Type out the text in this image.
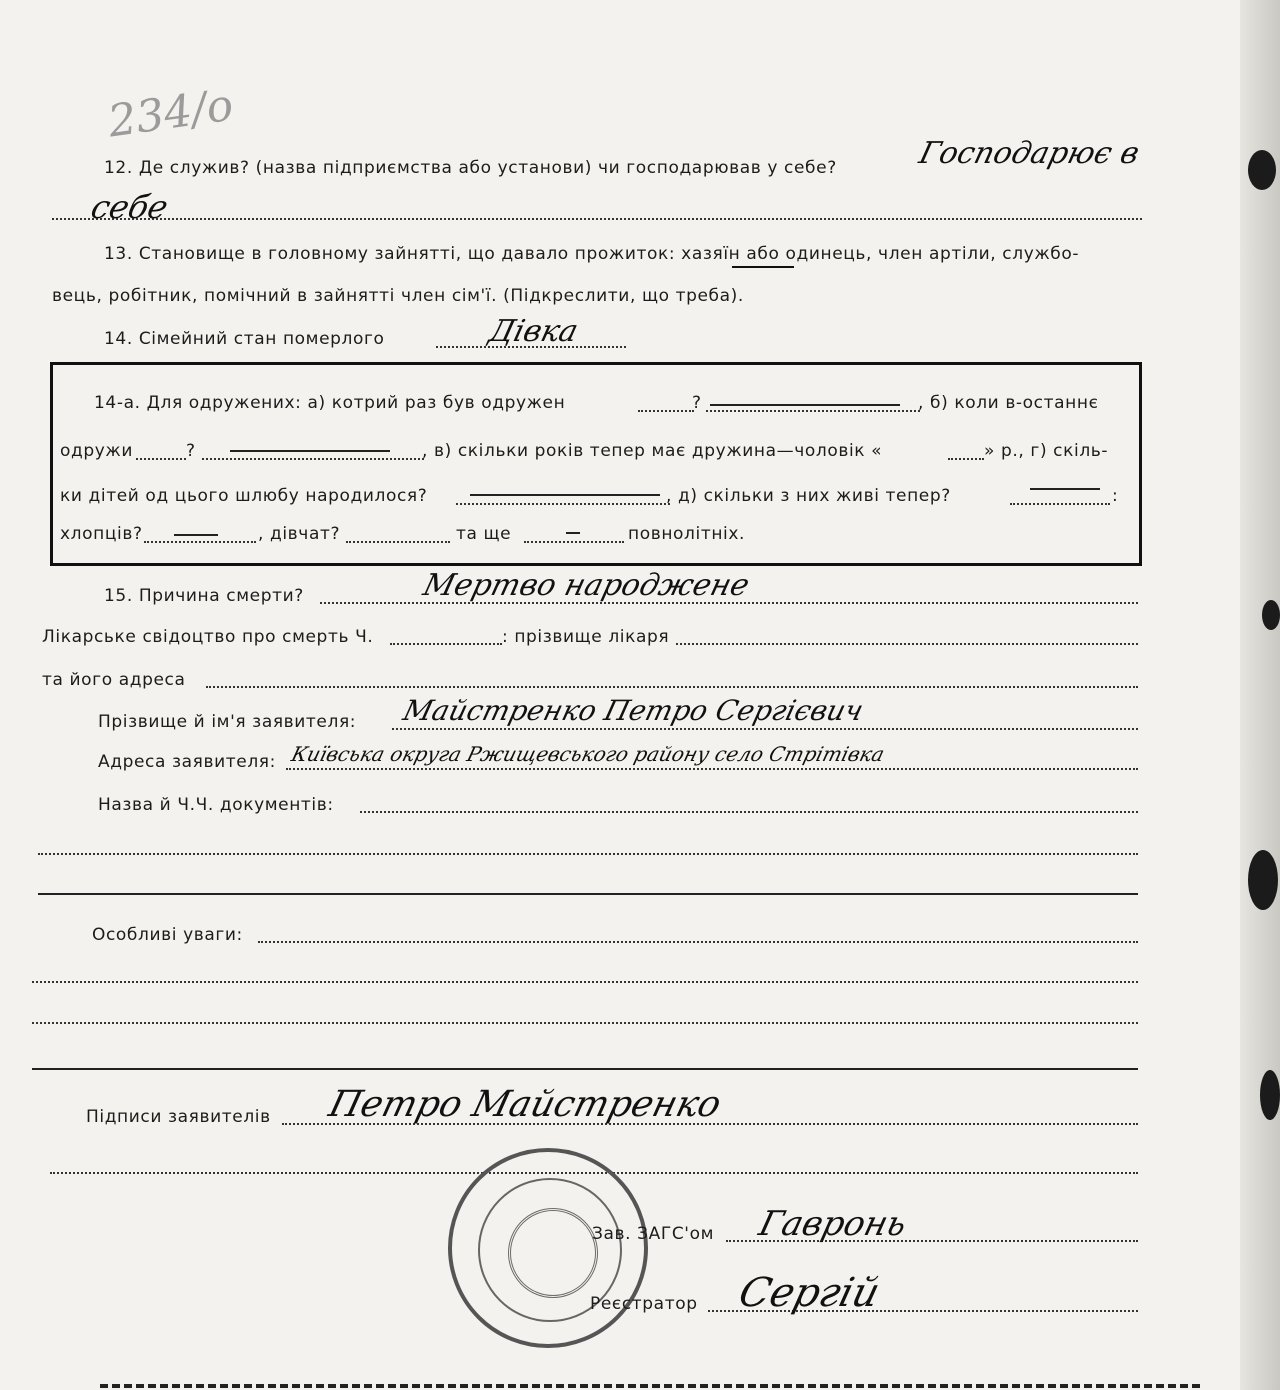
234/o
12. Де служив? (назва підприємства або установи) чи господарював у себе?	Господарює в
себе
13. Становище в головному зайнятті, що давало прожиток: хазяїн або одинець, член артіли, службо-
вець, робітник, помічний в зайнятті член сім'ї. (Підкреслити, що треба).
14. Сімейний стан померлого	Дівка
14-а. Для одружених: а) котрий раз був одружен	?	, б) коли в-останнє
одружи	?	, в) скільки років тепер має дружина—чоловік «	» р., г) скіль-
ки дітей од цього шлюбу народилося?	, д) скільки з них живі тепер?	:
хлопців?	, дівчат?	та ще	повнолітніх.
15. Причина смерти?	Мертво народжене
Лікарське свідоцтво про смерть Ч.	: прізвище лікаря
та його адреса
Прізвище й ім'я заявителя: Майстренко Петро Сергієвич
Адреса заявителя: Київська округа Ржищевського району село Стрітівка
Назва й Ч.Ч. документів:
Особливі уваги:
Підписи заявителів Петро Майстренко
Зав. ЗАГС'ом Гавронь
Реєстратор Сергій
